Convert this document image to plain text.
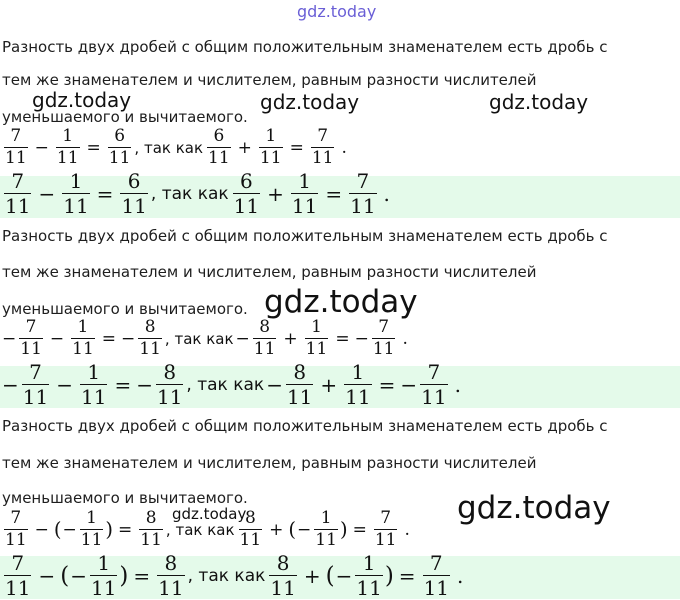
gdz.today
Разность двух дробей с общим положительным знаменателем есть дробь с
тем же знаменателем и числителем, равным разности числителей
уменьшаемого и вычитаемого.
gdz.today	gdz.today	gdz.today
$\frac{7}{11} - \frac{1}{11} = \frac{6}{11}$ , так как $\frac{6}{11} + \frac{1}{11} = \frac{7}{11}$ .
$\frac{7}{11} - \frac{1}{11} = \frac{6}{11}$ , так как $\frac{6}{11} + \frac{1}{11} = \frac{7}{11}$ .
Разность двух дробей с общим положительным знаменателем есть дробь с
тем же знаменателем и числителем, равным разности числителей
уменьшаемого и вычитаемого. gdz.today
− $\frac{7}{11} - \frac{1}{11}$ = − $\frac{8}{11}$ , так как − $\frac{8}{11} + \frac{1}{11}$ = − $\frac{7}{11}$ .
− $\frac{7}{11} - \frac{1}{11}$ = − $\frac{8}{11}$ , так как − $\frac{8}{11} + \frac{1}{11}$ = − $\frac{7}{11}$ .
Разность двух дробей с общим положительным знаменателем есть дробь с
тем же знаменателем и числителем, равным разности числителей
уменьшаемого и вычитаемого.	gdz.today
gdz.today
$\frac{7}{11}$ − ( − $\frac{1}{11}$ ) = $\frac{8}{11}$ , так как $\frac{8}{11}$ + ( − $\frac{1}{11}$ ) = $\frac{7}{11}$ .
$\frac{7}{11}$ − ( − $\frac{1}{11}$ ) = $\frac{8}{11}$ , так как $\frac{8}{11}$ + ( − $\frac{1}{11}$ ) = $\frac{7}{11}$ .
